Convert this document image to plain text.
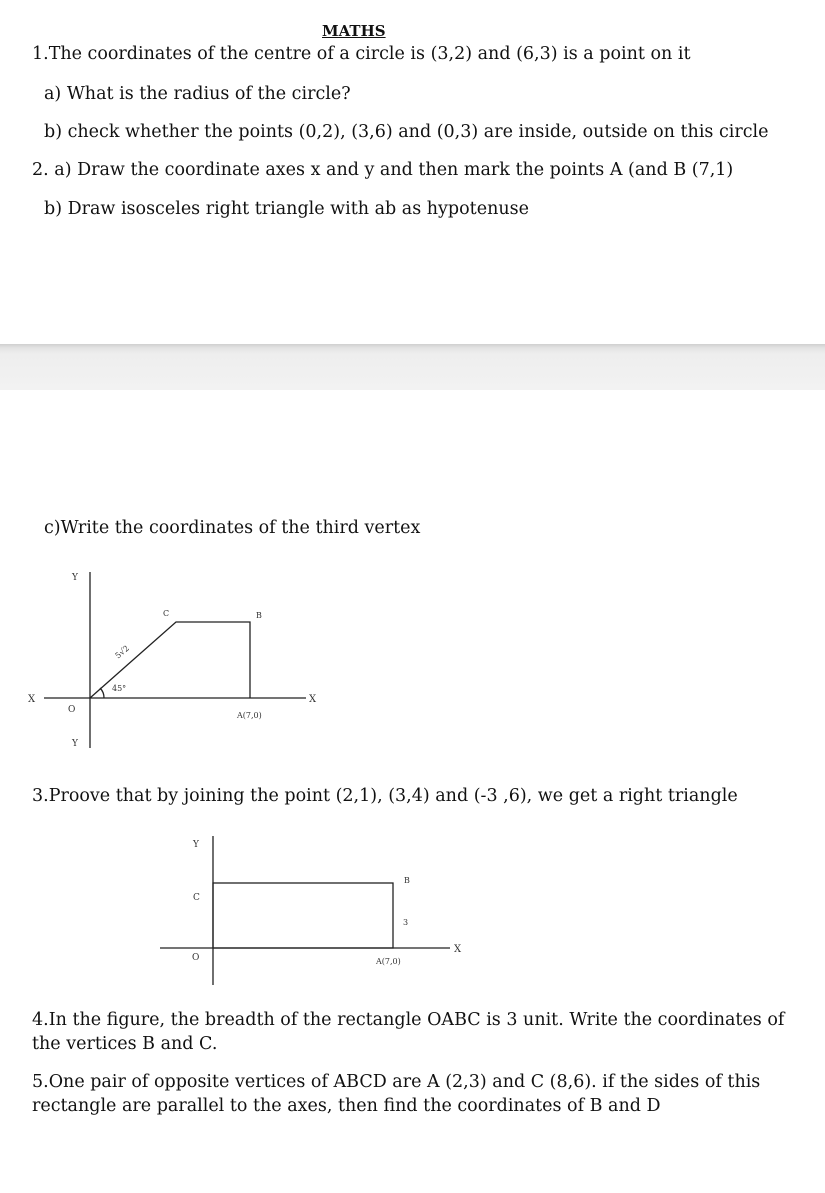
MATHS
1.The coordinates of the centre of a circle is (3,2) and (6,3) is a point on it
a) What is the radius of the circle?
b) check whether the points (0,2), (3,6) and (0,3) are inside, outside on this circle
2. a) Draw the coordinate axes x and y and then mark the points A (and B (7,1)
b) Draw isosceles right triangle with ab as hypotenuse
c)Write the coordinates of the third vertex
Y
Y
X	X
O
C	B
A(7,0)
45°
5√2
3.Proove that by joining the point (2,1), (3,4) and (-3 ,6), we get a right triangle
Y
O
C
B
3
A(7,0)
X
4.In the figure, the breadth of the rectangle OABC is 3 unit. Write the coordinates of the vertices B and C.
5.One pair of opposite vertices of ABCD are A (2,3) and C (8,6). if the sides of this rectangle are parallel to the axes, then find the coordinates of B and D
